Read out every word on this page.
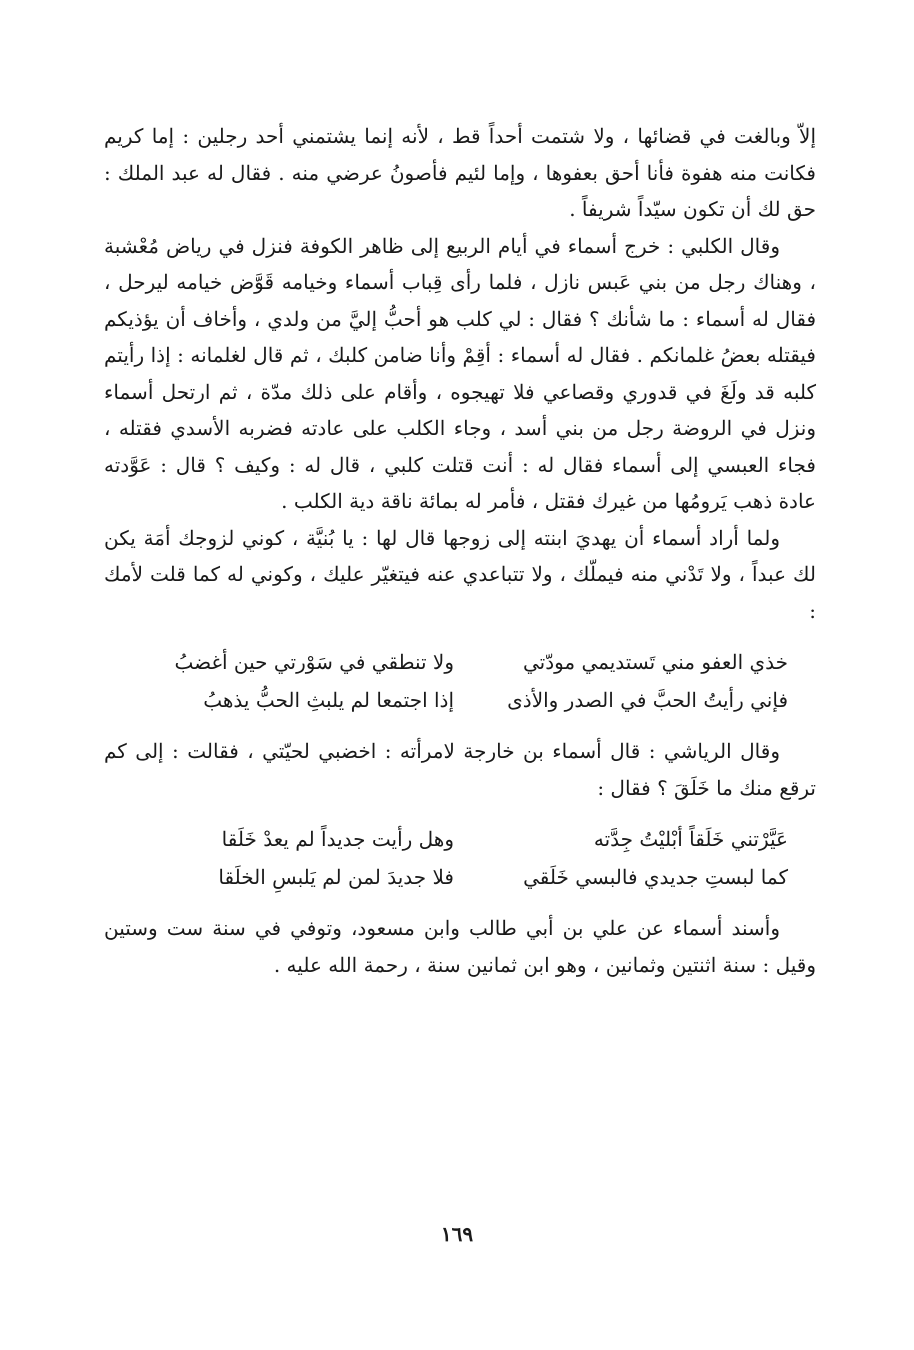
إلاّ وبالغت في قضائها ، ولا شتمت أحداً قط ، لأنه إنما يشتمني أحد رجلين : إما كريم فكانت منه هفوة فأنا أحق بعفوها ، وإما لئيم فأصونُ عرضي منه . فقال له عبد الملك : حق لك أن تكون سيّداً شريفاً .

وقال الكلبي : خرج أسماء في أيام الربيع إلى ظاهر الكوفة فنزل في رياض مُعْشبة ، وهناك رجل من بني عَبس نازل ، فلما رأى قِباب أسماء وخيامه قَوَّض خيامه ليرحل ، فقال له أسماء : ما شأنك ؟ فقال : لي كلب هو أحبُّ إليَّ من ولدي ، وأخاف أن يؤذيكم فيقتله بعضُ غلمانكم . فقال له أسماء : أقِمْ وأنا ضامن كلبك ، ثم قال لغلمانه : إذا رأيتم كلبه قد ولَغَ في قدوري وقصاعي فلا تهيجوه ، وأقام على ذلك مدّة ، ثم ارتحل أسماء ونزل في الروضة رجل من بني أسد ، وجاء الكلب على عادته فضربه الأسدي فقتله ، فجاء العبسي إلى أسماء فقال له : أنت قتلت كلبي ، قال له : وكيف ؟ قال : عَوَّدته عادة ذهب يَرومُها من غيرك فقتل ، فأمر له بمائة ناقة دية الكلب .

ولما أراد أسماء أن يهديَ ابنته إلى زوجها قال لها : يا بُنيَّة ، كوني لزوجك أمَة يكن لك عبداً ، ولا تَدْني منه فيملّك ، ولا تتباعدي عنه فيتغيّر عليك ، وكوني له كما قلت لأمك :

خذي العفو مني تَستديمي مودّتي
ولا تنطقي في سَوْرتي حين أغضبُ
فإني رأيتُ الحبَّ في الصدر والأذى
إذا اجتمعا لم يلبثِ الحبُّ يذهبُ

وقال الرياشي : قال أسماء بن خارجة لامرأته : اخضبي لحيّتي ، فقالت : إلى كم ترقع منك ما خَلَقَ ؟ فقال :

عَيَّرْتني خَلَقاً أبْليْتُ جِدَّته
وهل رأيت جديداً لم يعدْ خَلَقا
كما لبستِ جديدي فالبسي خَلَقي
فلا جديدَ لمن لم يَلبسِ الخلَقا

وأسند أسماء عن علي بن أبي طالب وابن مسعود، وتوفي في سنة ست وستين وقيل : سنة اثنتين وثمانين ، وهو ابن ثمانين سنة ، رحمة الله عليه .

١٦٩
